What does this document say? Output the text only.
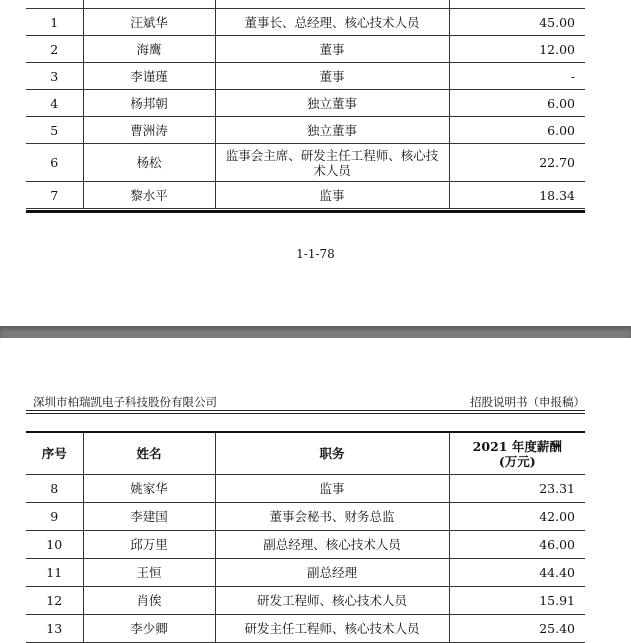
1	汪斌华	董事长、总经理、核心技术人员	45.00
2	海鹰	董事	12.00
3	李谨瑾	董事	-
4	杨邦朝	独立董事	6.00
5	曹洲涛	独立董事	6.00
6	杨松	监事会主席、研发主任工程师、核心技术人员	22.70
7	黎水平	监事	18.34
1-1-78
深圳市柏瑞凯电子科技股份有限公司	招股说明书（申报稿）
序号	姓名	职务	2021 年度薪酬
(万元)

8	姚家华	监事	23.31
9	李建国	董事会秘书、财务总监	42.00
10	邱万里	副总经理、核心技术人员	46.00
11	王恒	副总经理	44.40
12	肖俟	研发工程师、核心技术人员	15.91
13	李少卿	研发主任工程师、核心技术人员	25.40
